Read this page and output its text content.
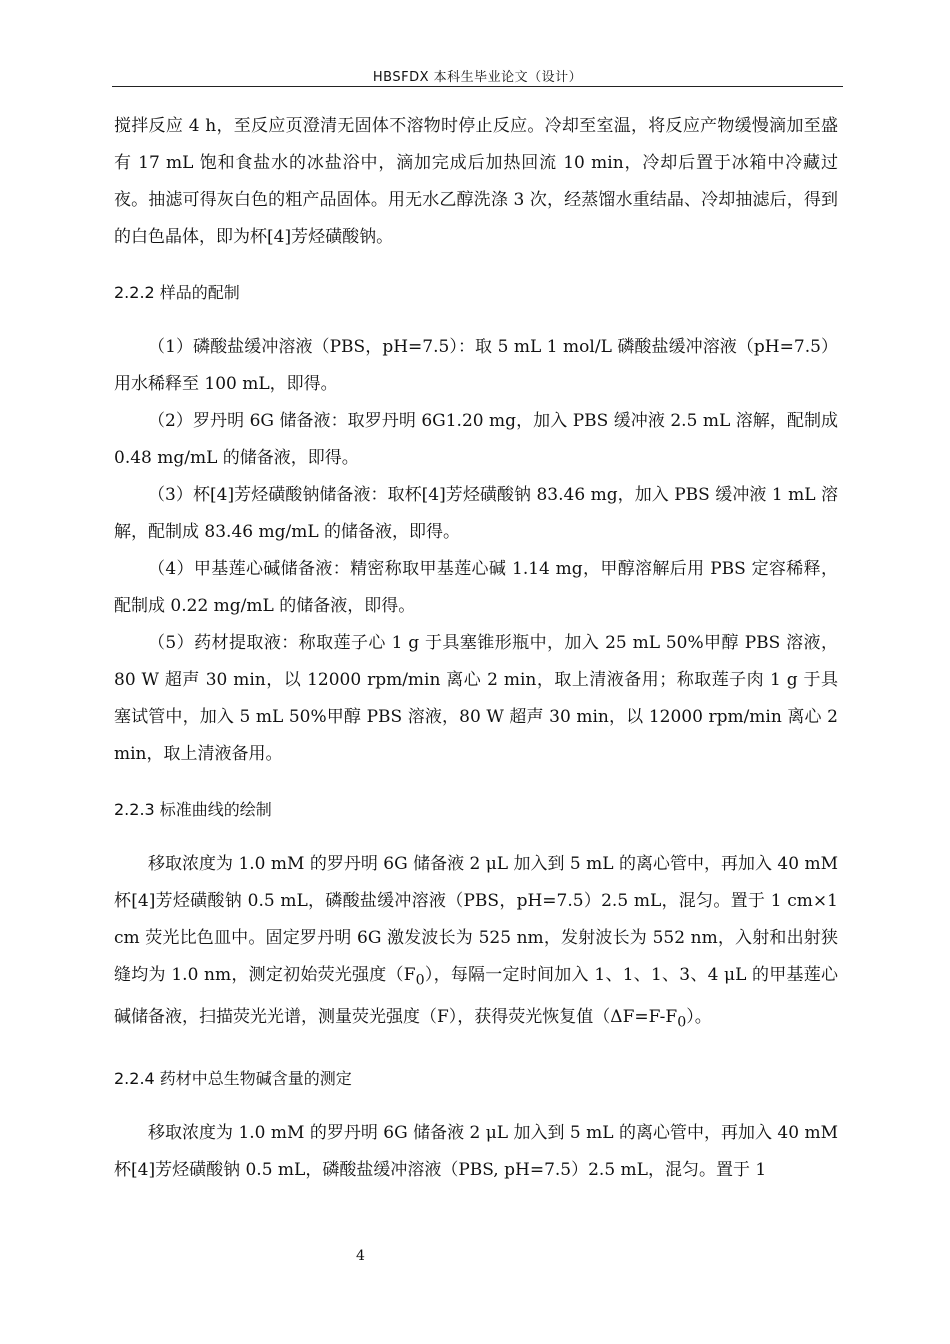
HBSFDX 本科生毕业论文（设计）

搅拌反应 4 h，至反应页澄清无固体不溶物时停止反应。冷却至室温，将反应产物缓慢滴加至盛有 17 mL 饱和食盐水的冰盐浴中，滴加完成后加热回流 10 min，冷却后置于冰箱中冷藏过夜。抽滤可得灰白色的粗产品固体。用无水乙醇洗涤 3 次，经蒸馏水重结晶、冷却抽滤后，得到的白色晶体，即为杯[4]芳烃磺酸钠。

2.2.2 样品的配制

（1）磷酸盐缓冲溶液（PBS，pH=7.5）：取 5 mL 1 mol/L 磷酸盐缓冲溶液（pH=7.5）用水稀释至 100 mL，即得。

（2）罗丹明 6G 储备液：取罗丹明 6G1.20 mg，加入 PBS 缓冲液 2.5 mL 溶解，配制成 0.48 mg/mL 的储备液，即得。

（3）杯[4]芳烃磺酸钠储备液：取杯[4]芳烃磺酸钠 83.46 mg，加入 PBS 缓冲液 1 mL 溶解，配制成 83.46 mg/mL 的储备液，即得。

（4）甲基莲心碱储备液：精密称取甲基莲心碱 1.14 mg，甲醇溶解后用 PBS 定容稀释，配制成 0.22 mg/mL 的储备液，即得。

（5）药材提取液：称取莲子心 1 g 于具塞锥形瓶中，加入 25 mL 50%甲醇 PBS 溶液，80 W 超声 30 min，以 12000 rpm/min 离心 2 min，取上清液备用；称取莲子肉 1 g 于具塞试管中，加入 5 mL 50%甲醇 PBS 溶液，80 W 超声 30 min，以 12000 rpm/min 离心 2 min，取上清液备用。

2.2.3 标准曲线的绘制

移取浓度为 1.0 mM 的罗丹明 6G 储备液 2 μL 加入到 5 mL 的离心管中，再加入 40 mM 杯[4]芳烃磺酸钠 0.5 mL，磷酸盐缓冲溶液（PBS，pH=7.5）2.5 mL，混匀。置于 1 cm×1 cm 荧光比色皿中。固定罗丹明 6G 激发波长为 525 nm，发射波长为 552 nm，入射和出射狭缝均为 1.0 nm，测定初始荧光强度$(F_0)$，每隔一定时间加入 1、1、1、3、4 μL 的甲基莲心碱储备液，扫描荧光光谱，测量荧光强度（F），获得荧光恢复值$(\Delta F=F-F_0)$。

2.2.4 药材中总生物碱含量的测定

移取浓度为 1.0 mM 的罗丹明 6G 储备液 2 μL 加入到 5 mL 的离心管中，再加入 40 mM 杯[4]芳烃磺酸钠 0.5 mL，磷酸盐缓冲溶液（PBS, pH=7.5）2.5 mL，混匀。置于 1

4
